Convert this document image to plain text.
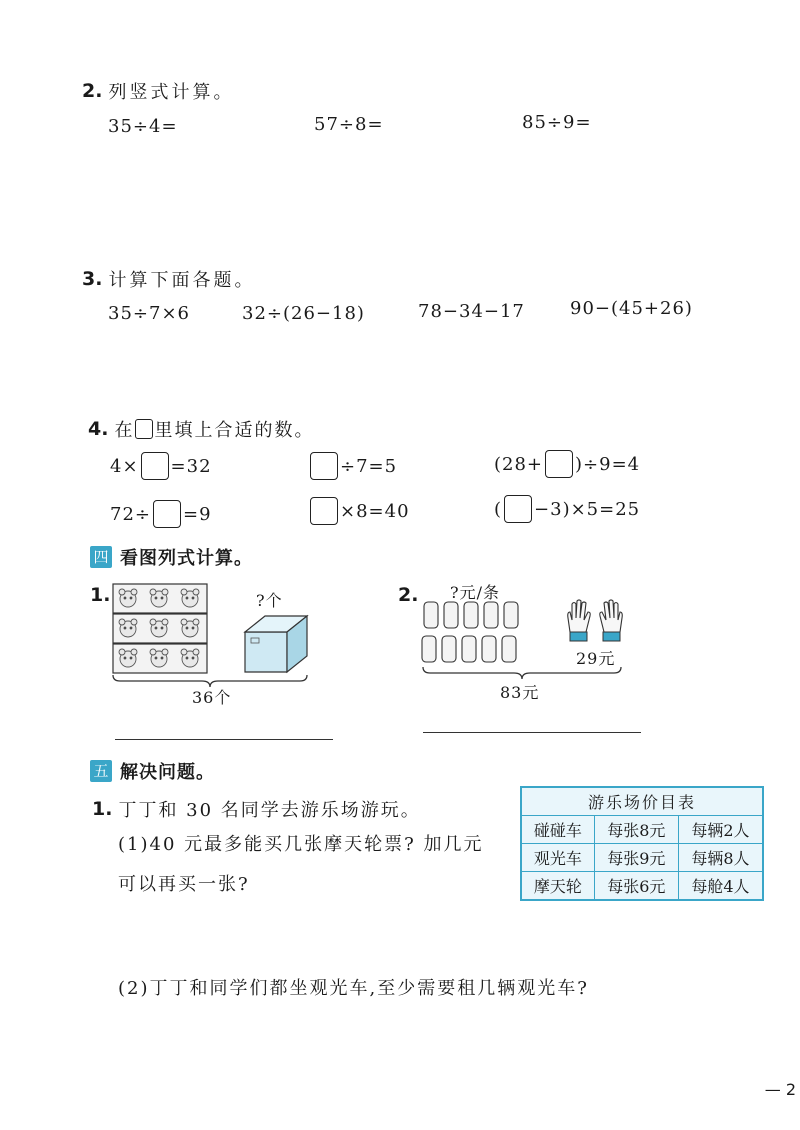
2. 列竖式计算。
35÷4=	57÷8=	85÷9=
3. 计算下面各题。
35÷7×6	32÷(26−18)	78−34−17	90−(45+26)
4. 在 里填上合适的数。
4× =32	÷7=5	(28+ )÷9=4
72÷ =9	×8=40	( −3)×5=25
四 看图列式计算。
1.	?个
36个
2. ?元/条
29元
83元
五 解决问题。
1. 丁丁和 30 名同学去游乐场游玩。
(1)40 元最多能买几张摩天轮票? 加几元
可以再买一张?
(2)丁丁和同学们都坐观光车,至少需要租几辆观光车?
游乐场价目表		
碰碰车	每张8元	每辆2人
观光车	每张9元	每辆8人
摩天轮	每张6元	每舱4人
— 2
